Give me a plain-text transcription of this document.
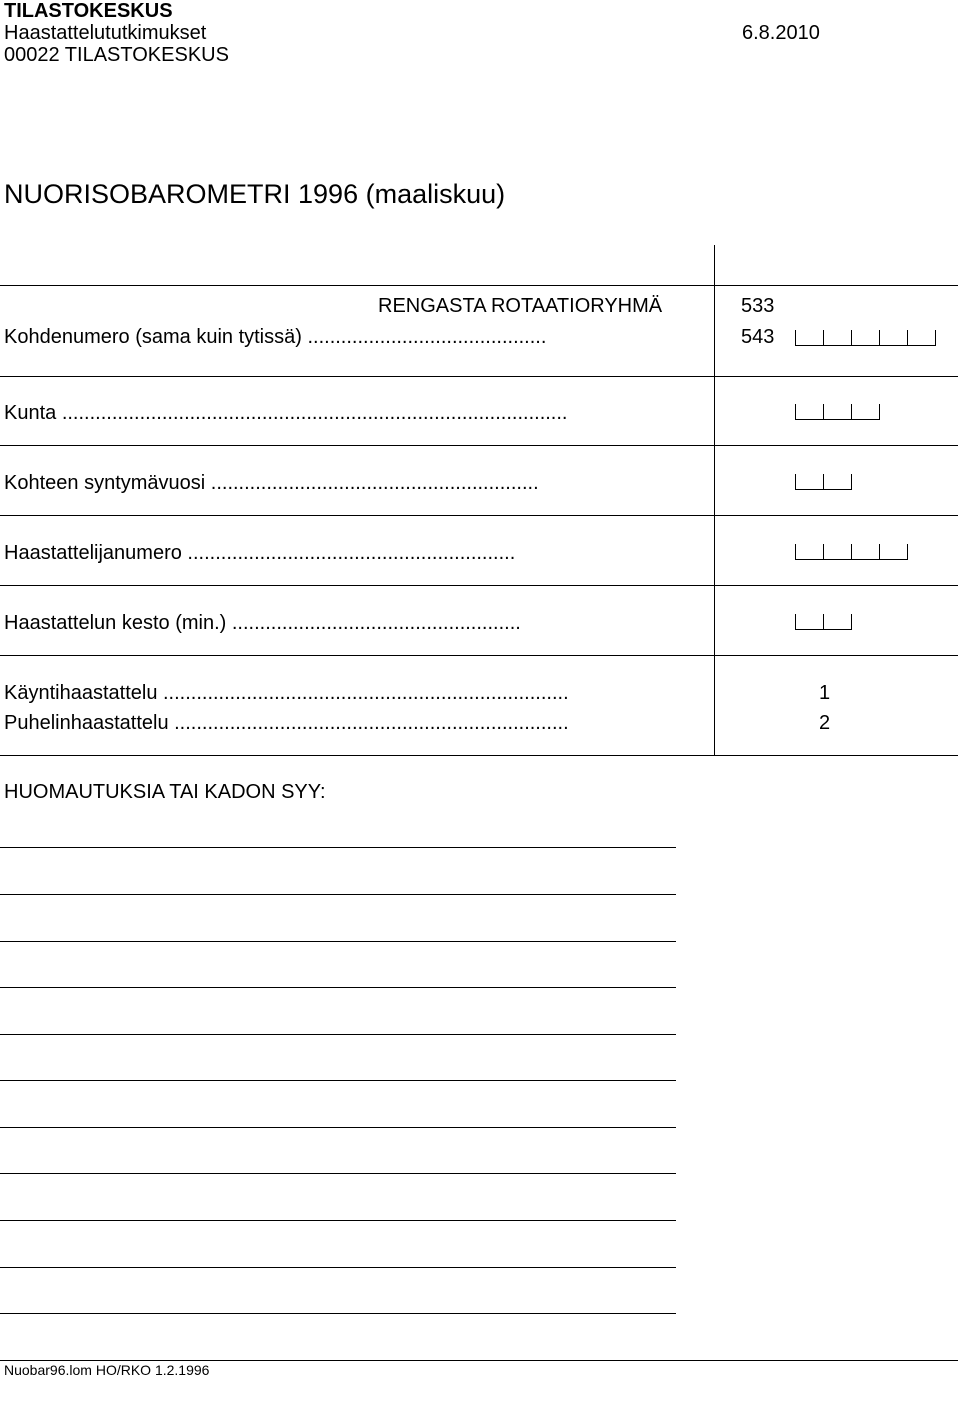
TILASTOKESKUS
Haastattelututkimukset	6.8.2010
00022 TILASTOKESKUS
NUORISOBAROMETRI 1996 (maaliskuu)
RENGASTA ROTAATIORYHMÄ	533
Kohdenumero (sama kuin tytissä) ...........................................	543
Kunta ...........................................................................................
Kohteen syntymävuosi ...........................................................
Haastattelijanumero ...........................................................
Haastattelun kesto (min.) ....................................................
Käyntihaastattelu .........................................................................	1
Puhelinhaastattelu .......................................................................	2
HUOMAUTUKSIA TAI KADON SYY:
Nuobar96.lom HO/RKO 1.2.1996
